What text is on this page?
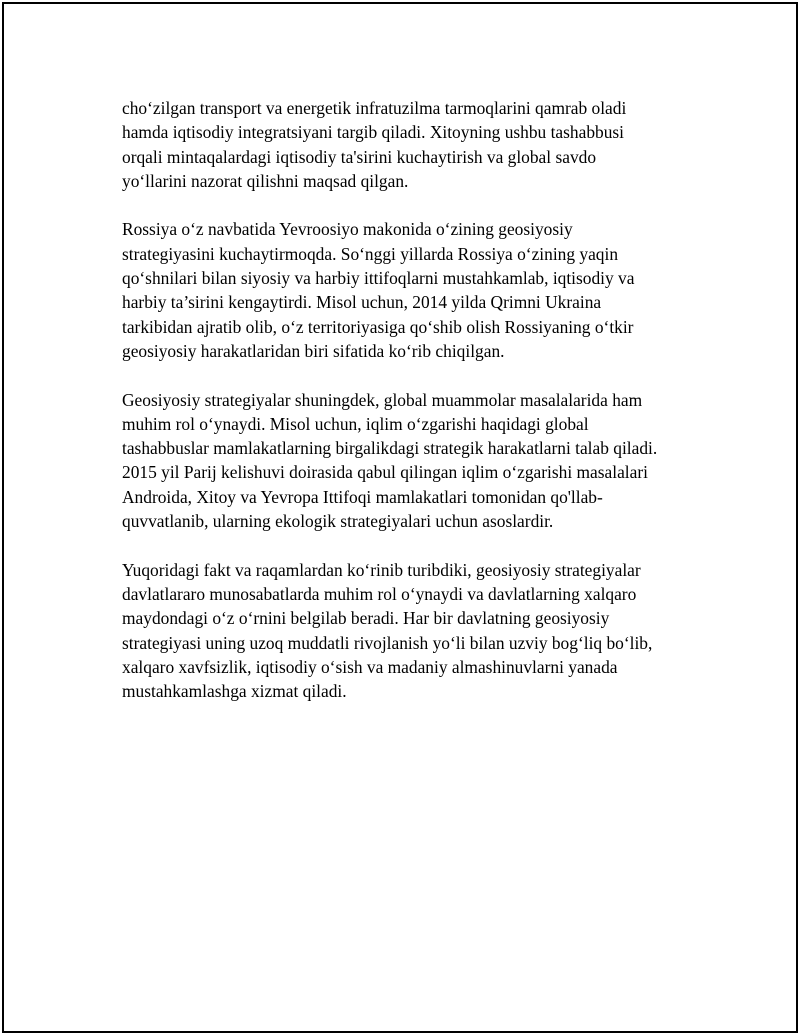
cho‘zilgan transport va energetik infratuzilma tarmoqlarini qamrab oladi
hamda iqtisodiy integratsiyani targib qiladi. Xitoyning ushbu tashabbusi
orqali mintaqalardagi iqtisodiy ta'sirini kuchaytirish va global savdo
yo‘llarini nazorat qilishni maqsad qilgan.

Rossiya o‘z navbatida Yevroosiyo makonida o‘zining geosiyosiy
strategiyasini kuchaytirmoqda. So‘nggi yillarda Rossiya o‘zining yaqin
qo‘shnilari bilan siyosiy va harbiy ittifoqlarni mustahkamlab, iqtisodiy va
harbiy ta’sirini kengaytirdi. Misol uchun, 2014 yilda Qrimni Ukraina
tarkibidan ajratib olib, o‘z territoriyasiga qo‘shib olish Rossiyaning o‘tkir
geosiyosiy harakatlaridan biri sifatida ko‘rib chiqilgan.

Geosiyosiy strategiyalar shuningdek, global muammolar masalalarida ham
muhim rol o‘ynaydi. Misol uchun, iqlim o‘zgarishi haqidagi global
tashabbuslar mamlakatlarning birgalikdagi strategik harakatlarni talab qiladi.
2015 yil Parij kelishuvi doirasida qabul qilingan iqlim o‘zgarishi masalalari
Androida, Xitoy va Yevropa Ittifoqi mamlakatlari tomonidan qo'llab-
quvvatlanib, ularning ekologik strategiyalari uchun asoslardir.

Yuqoridagi fakt va raqamlardan ko‘rinib turibdiki, geosiyosiy strategiyalar
davlatlararo munosabatlarda muhim rol o‘ynaydi va davlatlarning xalqaro
maydondagi o‘z o‘rnini belgilab beradi. Har bir davlatning geosiyosiy
strategiyasi uning uzoq muddatli rivojlanish yo‘li bilan uzviy bog‘liq bo‘lib,
xalqaro xavfsizlik, iqtisodiy o‘sish va madaniy almashinuvlarni yanada
mustahkamlashga xizmat qiladi.
